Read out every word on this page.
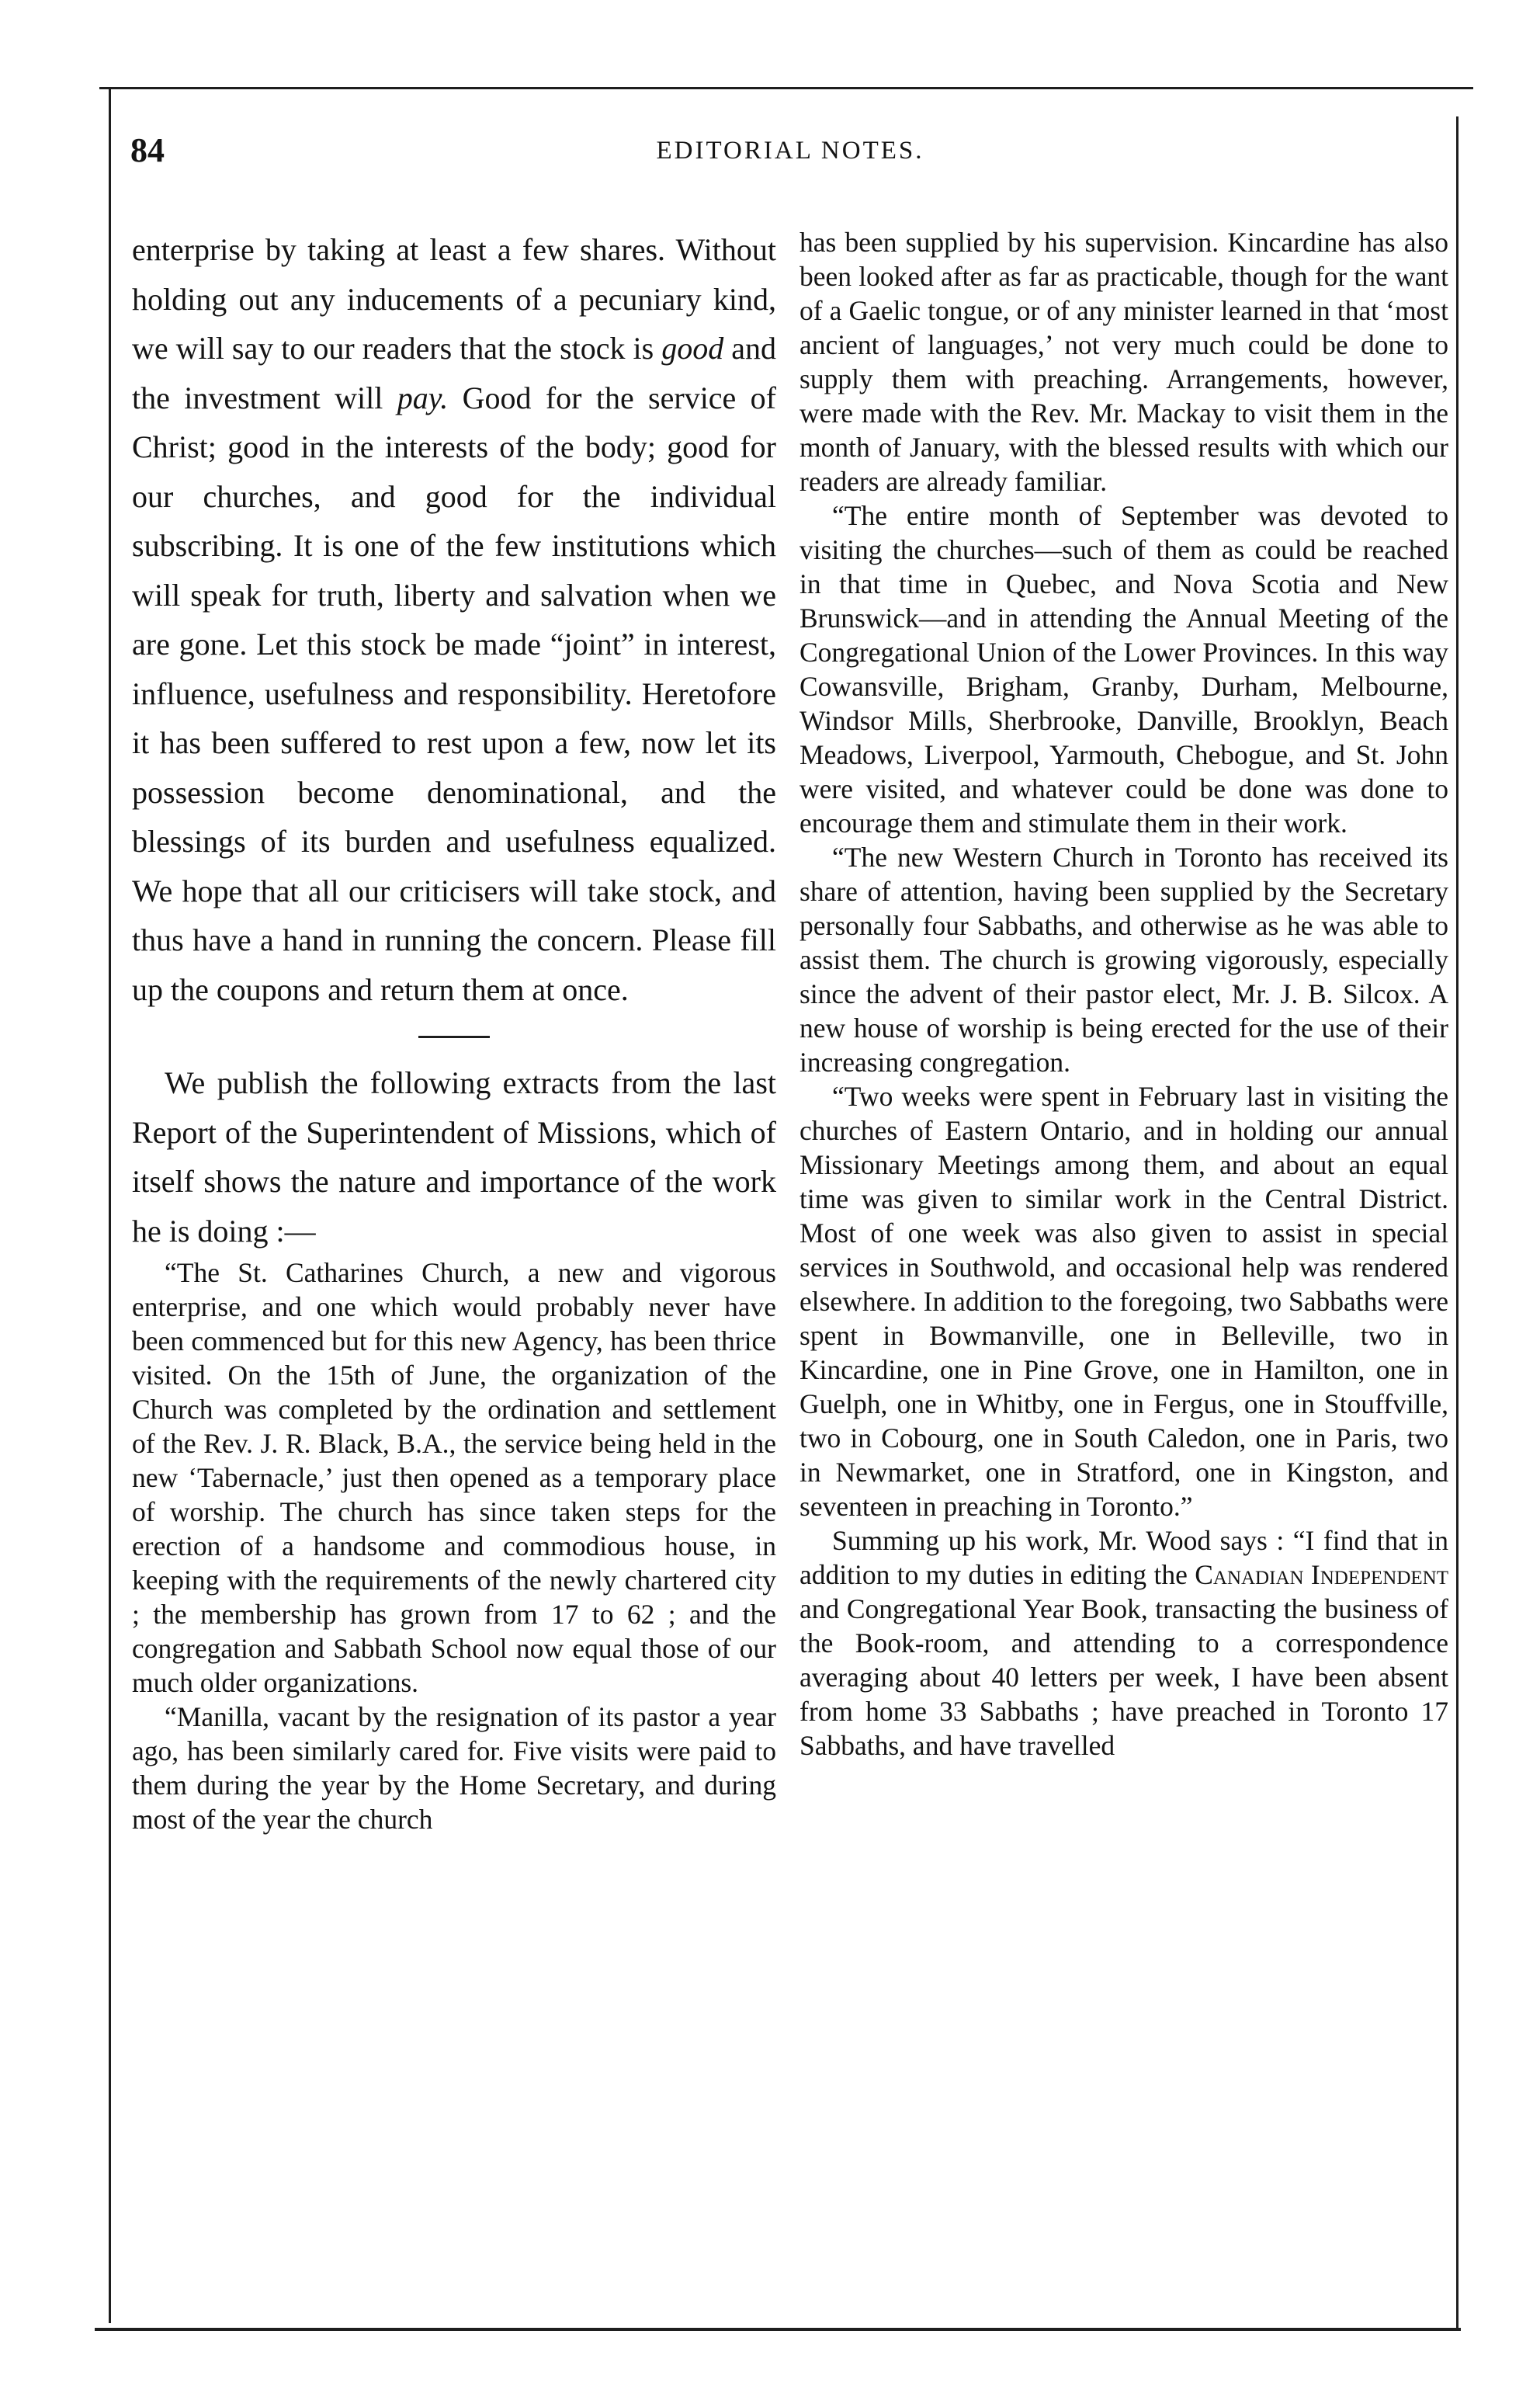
84	EDITORIAL NOTES.

enterprise by taking at least a few shares. Without holding out any inducements of a pecuniary kind, we will say to our readers that the stock is good and the investment will pay. Good for the service of Christ; good in the interests of the body; good for our churches, and good for the individual subscribing. It is one of the few institutions which will speak for truth, liberty and salvation when we are gone. Let this stock be made “joint” in interest, influence, usefulness and responsibility. Heretofore it has been suffered to rest upon a few, now let its possession become denominational, and the blessings of its burden and usefulness equalized. We hope that all our criticisers will take stock, and thus have a hand in running the concern. Please fill up the coupons and return them at once.

We publish the following extracts from the last Report of the Superintendent of Missions, which of itself shows the nature and importance of the work he is doing :—

“The St. Catharines Church, a new and vigorous enterprise, and one which would probably never have been commenced but for this new Agency, has been thrice visited. On the 15th of June, the organization of the Church was completed by the ordination and settlement of the Rev. J. R. Black, B.A., the service being held in the new ‘Tabernacle,’ just then opened as a temporary place of worship. The church has since taken steps for the erection of a handsome and commodious house, in keeping with the requirements of the newly chartered city ; the membership has grown from 17 to 62 ; and the congregation and Sabbath School now equal those of our much older organizations.

“Manilla, vacant by the resignation of its pastor a year ago, has been similarly cared for. Five visits were paid to them during the year by the Home Secretary, and during most of the year the church

has been supplied by his supervision. Kincardine has also been looked after as far as practicable, though for the want of a Gaelic tongue, or of any minister learned in that ‘most ancient of languages,’ not very much could be done to supply them with preaching. Arrangements, however, were made with the Rev. Mr. Mackay to visit them in the month of January, with the blessed results with which our readers are already familiar.

“The entire month of September was devoted to visiting the churches—such of them as could be reached in that time in Quebec, and Nova Scotia and New Brunswick—and in attending the Annual Meeting of the Congregational Union of the Lower Provinces. In this way Cowansville, Brigham, Granby, Durham, Melbourne, Windsor Mills, Sherbrooke, Danville, Brooklyn, Beach Meadows, Liverpool, Yarmouth, Chebogue, and St. John were visited, and whatever could be done was done to encourage them and stimulate them in their work.

“The new Western Church in Toronto has received its share of attention, having been supplied by the Secretary personally four Sabbaths, and otherwise as he was able to assist them. The church is growing vigorously, especially since the advent of their pastor elect, Mr. J. B. Silcox. A new house of worship is being erected for the use of their increasing congregation.

“Two weeks were spent in February last in visiting the churches of Eastern Ontario, and in holding our annual Missionary Meetings among them, and about an equal time was given to similar work in the Central District. Most of one week was also given to assist in special services in Southwold, and occasional help was rendered elsewhere. In addition to the foregoing, two Sabbaths were spent in Bowmanville, one in Belleville, two in Kincardine, one in Pine Grove, one in Hamilton, one in Guelph, one in Whitby, one in Fergus, one in Stouffville, two in Cobourg, one in South Caledon, one in Paris, two in Newmarket, one in Stratford, one in Kingston, and seventeen in preaching in Toronto.”

Summing up his work, Mr. Wood says : “I find that in addition to my duties in editing the Canadian Independent and Congregational Year Book, transacting the business of the Book-room, and attending to a correspondence averaging about 40 letters per week, I have been absent from home 33 Sabbaths ; have preached in Toronto 17 Sabbaths, and have travelled
